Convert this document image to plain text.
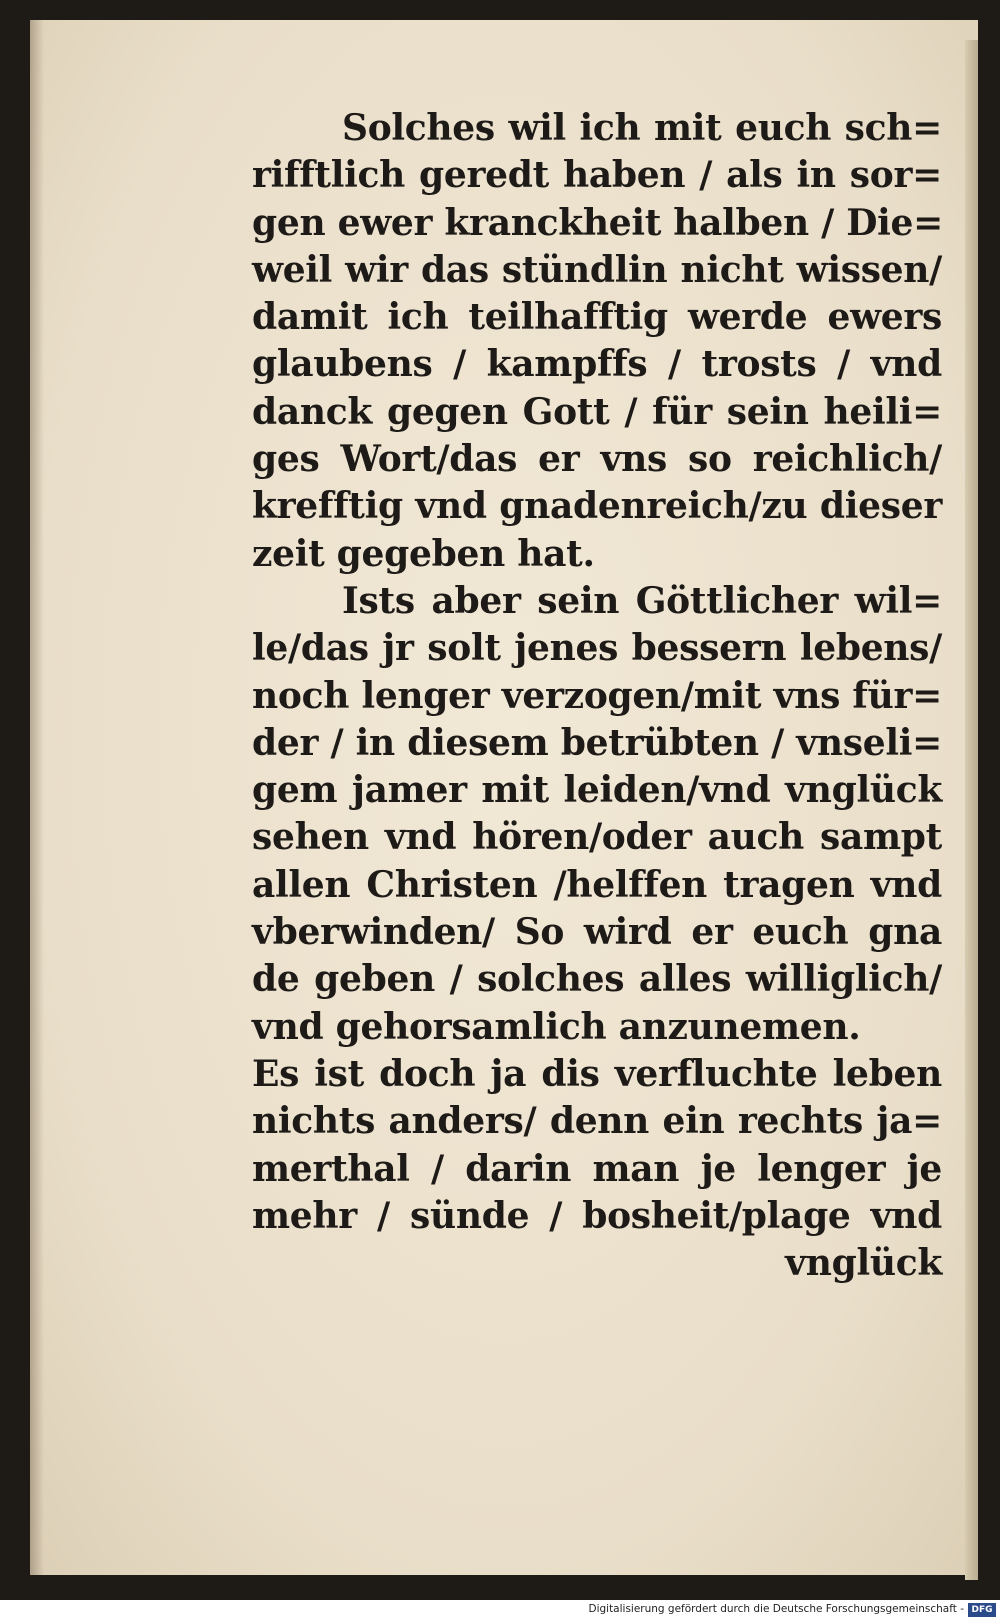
Solches wil ich mit euch sch=
rifftlich geredt haben / als in sor=
gen ewer kranckheit halben / Die=
weil wir das stündlin nicht wissen/
damit ich teilhafftig werde ewers
glaubens / kampffs / trosts / vnd
danck gegen Gott / für sein heili=
ges Wort/das er vns so reichlich/
krefftig vnd gnadenreich/zu dieser
zeit gegeben hat.
Ists aber sein Göttlicher wil=
le/das jr solt jenes bessern lebens/
noch lenger verzogen/mit vns für=
der / in diesem betrübten / vnseli=
gem jamer mit leiden/vnd vnglück
sehen vnd hören/oder auch sampt
allen Christen /helffen tragen vnd
vberwinden/ So wird er euch gna
de geben / solches alles williglich/
vnd gehorsamlich anzunemen.
Es ist doch ja dis verfluchte leben
nichts anders/ denn ein rechts ja=
merthal / darin man je lenger je
mehr / sünde / bosheit/plage vnd
vnglück
Digitalisierung gefördert durch die Deutsche Forschungsgemeinschaft - DFG
